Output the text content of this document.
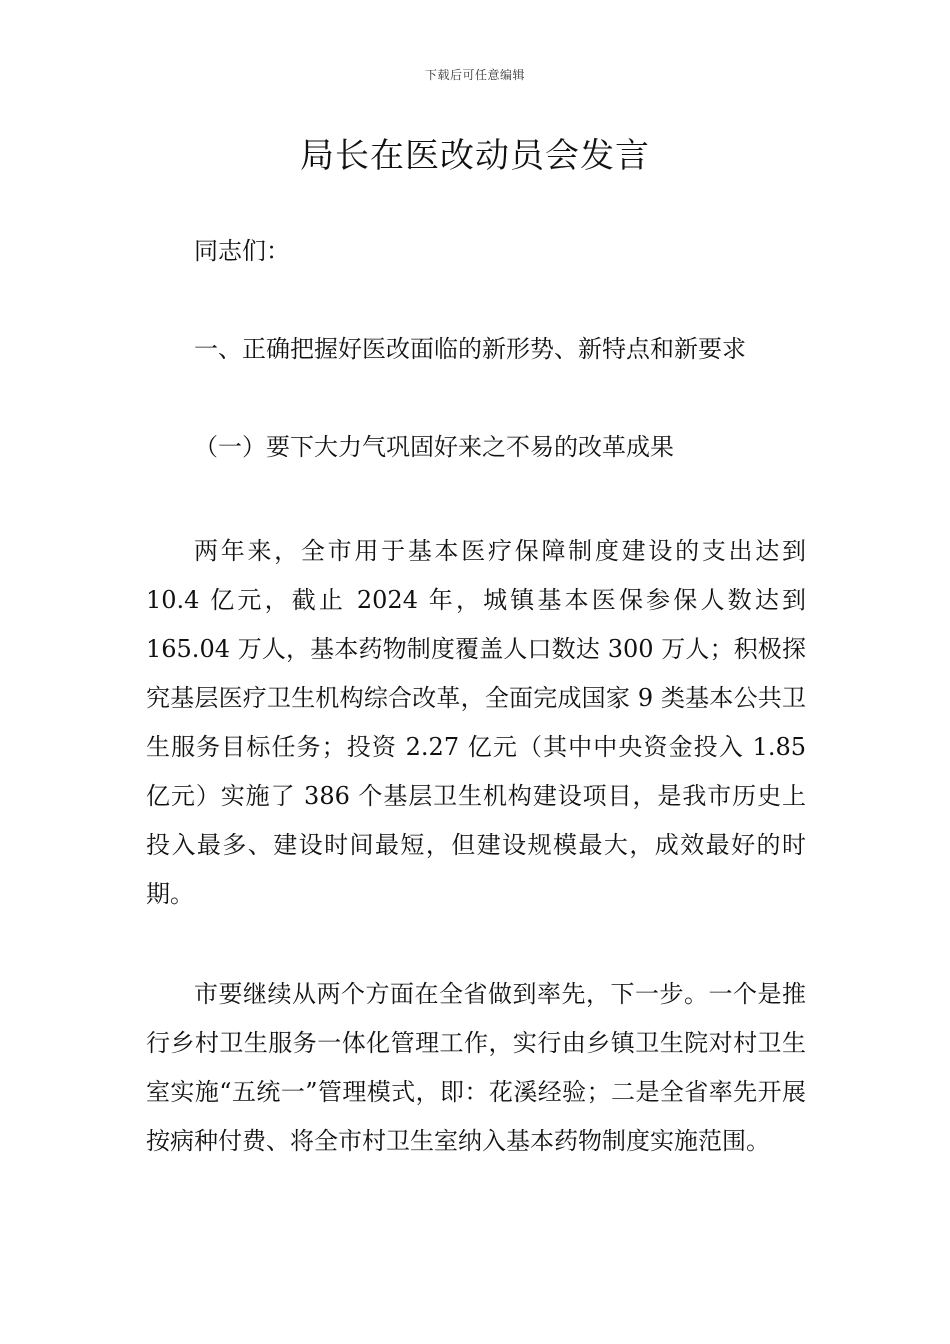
下载后可任意编辑
局长在医改动员会发言

同志们：

一、正确把握好医改面临的新形势、新特点和新要求

（一）要下大力气巩固好来之不易的改革成果

两年来，全市用于基本医疗保障制度建设的支出达到 10.4 亿元，截止 2024 年，城镇基本医保参保人数达到 165.04 万人，基本药物制度覆盖人口数达 300 万人；积极探究基层医疗卫生机构综合改革，全面完成国家 9 类基本公共卫生服务目标任务；投资 2.27 亿元（其中中央资金投入 1.85 亿元）实施了 386 个基层卫生机构建设项目，是我市历史上投入最多、建设时间最短，但建设规模最大，成效最好的时期。

市要继续从两个方面在全省做到率先，下一步。一个是推行乡村卫生服务一体化管理工作，实行由乡镇卫生院对村卫生室实施“五统一”管理模式，即：花溪经验；二是全省率先开展按病种付费、将全市村卫生室纳入基本药物制度实施范围。
